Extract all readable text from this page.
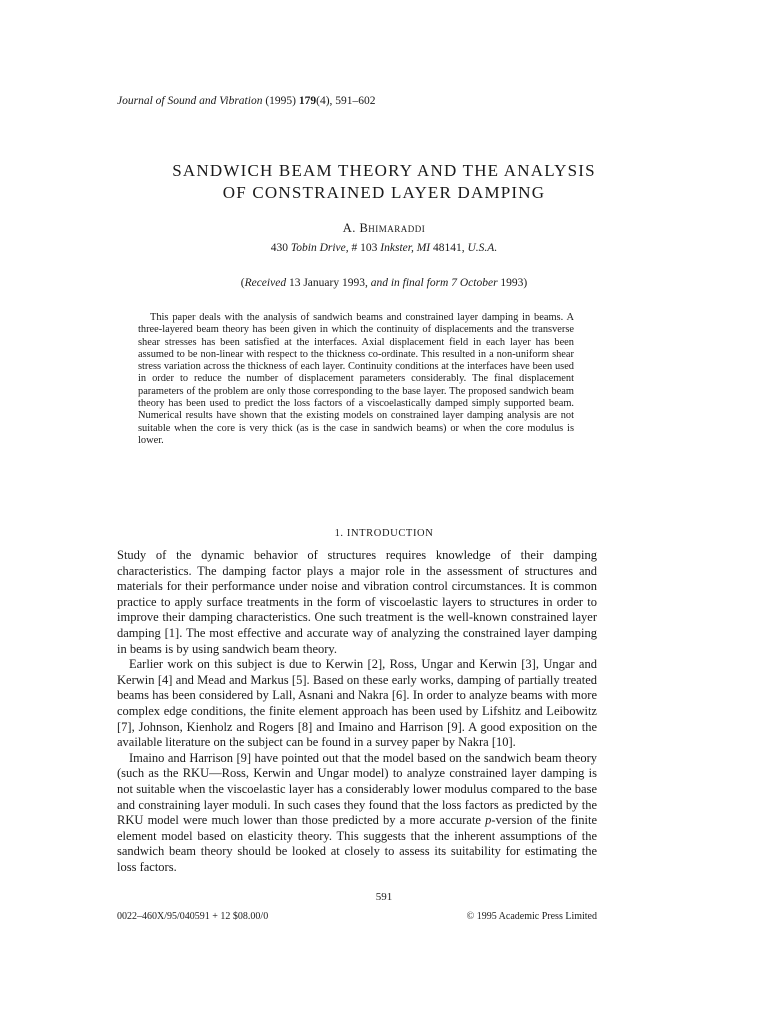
Journal of Sound and Vibration (1995) 179(4), 591–602
SANDWICH BEAM THEORY AND THE ANALYSIS
OF CONSTRAINED LAYER DAMPING
A. Bhimaraddi
430 Tobin Drive, # 103 Inkster, MI 48141, U.S.A.
(Received 13 January 1993, and in final form 7 October 1993)
This paper deals with the analysis of sandwich beams and constrained layer damping in beams. A three-layered beam theory has been given in which the continuity of displacements and the transverse shear stresses has been satisfied at the interfaces. Axial displacement field in each layer has been assumed to be non-linear with respect to the thickness co-ordinate. This resulted in a non-uniform shear stress variation across the thickness of each layer. Continuity conditions at the interfaces have been used in order to reduce the number of displacement parameters considerably. The final displacement parameters of the problem are only those corresponding to the base layer. The proposed sandwich beam theory has been used to predict the loss factors of a viscoelastically damped simply supported beam. Numerical results have shown that the existing models on constrained layer damping analysis are not suitable when the core is very thick (as is the case in sandwich beams) or when the core modulus is lower.
1. INTRODUCTION

Study of the dynamic behavior of structures requires knowledge of their damping characteristics. The damping factor plays a major role in the assessment of structures and materials for their performance under noise and vibration control circumstances. It is common practice to apply surface treatments in the form of viscoelastic layers to structures in order to improve their damping characteristics. One such treatment is the well-known constrained layer damping [1]. The most effective and accurate way of analyzing the constrained layer damping in beams is by using sandwich beam theory.

Earlier work on this subject is due to Kerwin [2], Ross, Ungar and Kerwin [3], Ungar and Kerwin [4] and Mead and Markus [5]. Based on these early works, damping of partially treated beams has been considered by Lall, Asnani and Nakra [6]. In order to analyze beams with more complex edge conditions, the finite element approach has been used by Lifshitz and Leibowitz [7], Johnson, Kienholz and Rogers [8] and Imaino and Harrison [9]. A good exposition on the available literature on the subject can be found in a survey paper by Nakra [10].

Imaino and Harrison [9] have pointed out that the model based on the sandwich beam theory (such as the RKU—Ross, Kerwin and Ungar model) to analyze constrained layer damping is not suitable when the viscoelastic layer has a considerably lower modulus compared to the base and constraining layer moduli. In such cases they found that the loss factors as predicted by the RKU model were much lower than those predicted by a more accurate p-version of the finite element model based on elasticity theory. This suggests that the inherent assumptions of the sandwich beam theory should be looked at closely to assess its suitability for estimating the loss factors.

591
0022–460X/95/040591 + 12 $08.00/0	© 1995 Academic Press Limited
